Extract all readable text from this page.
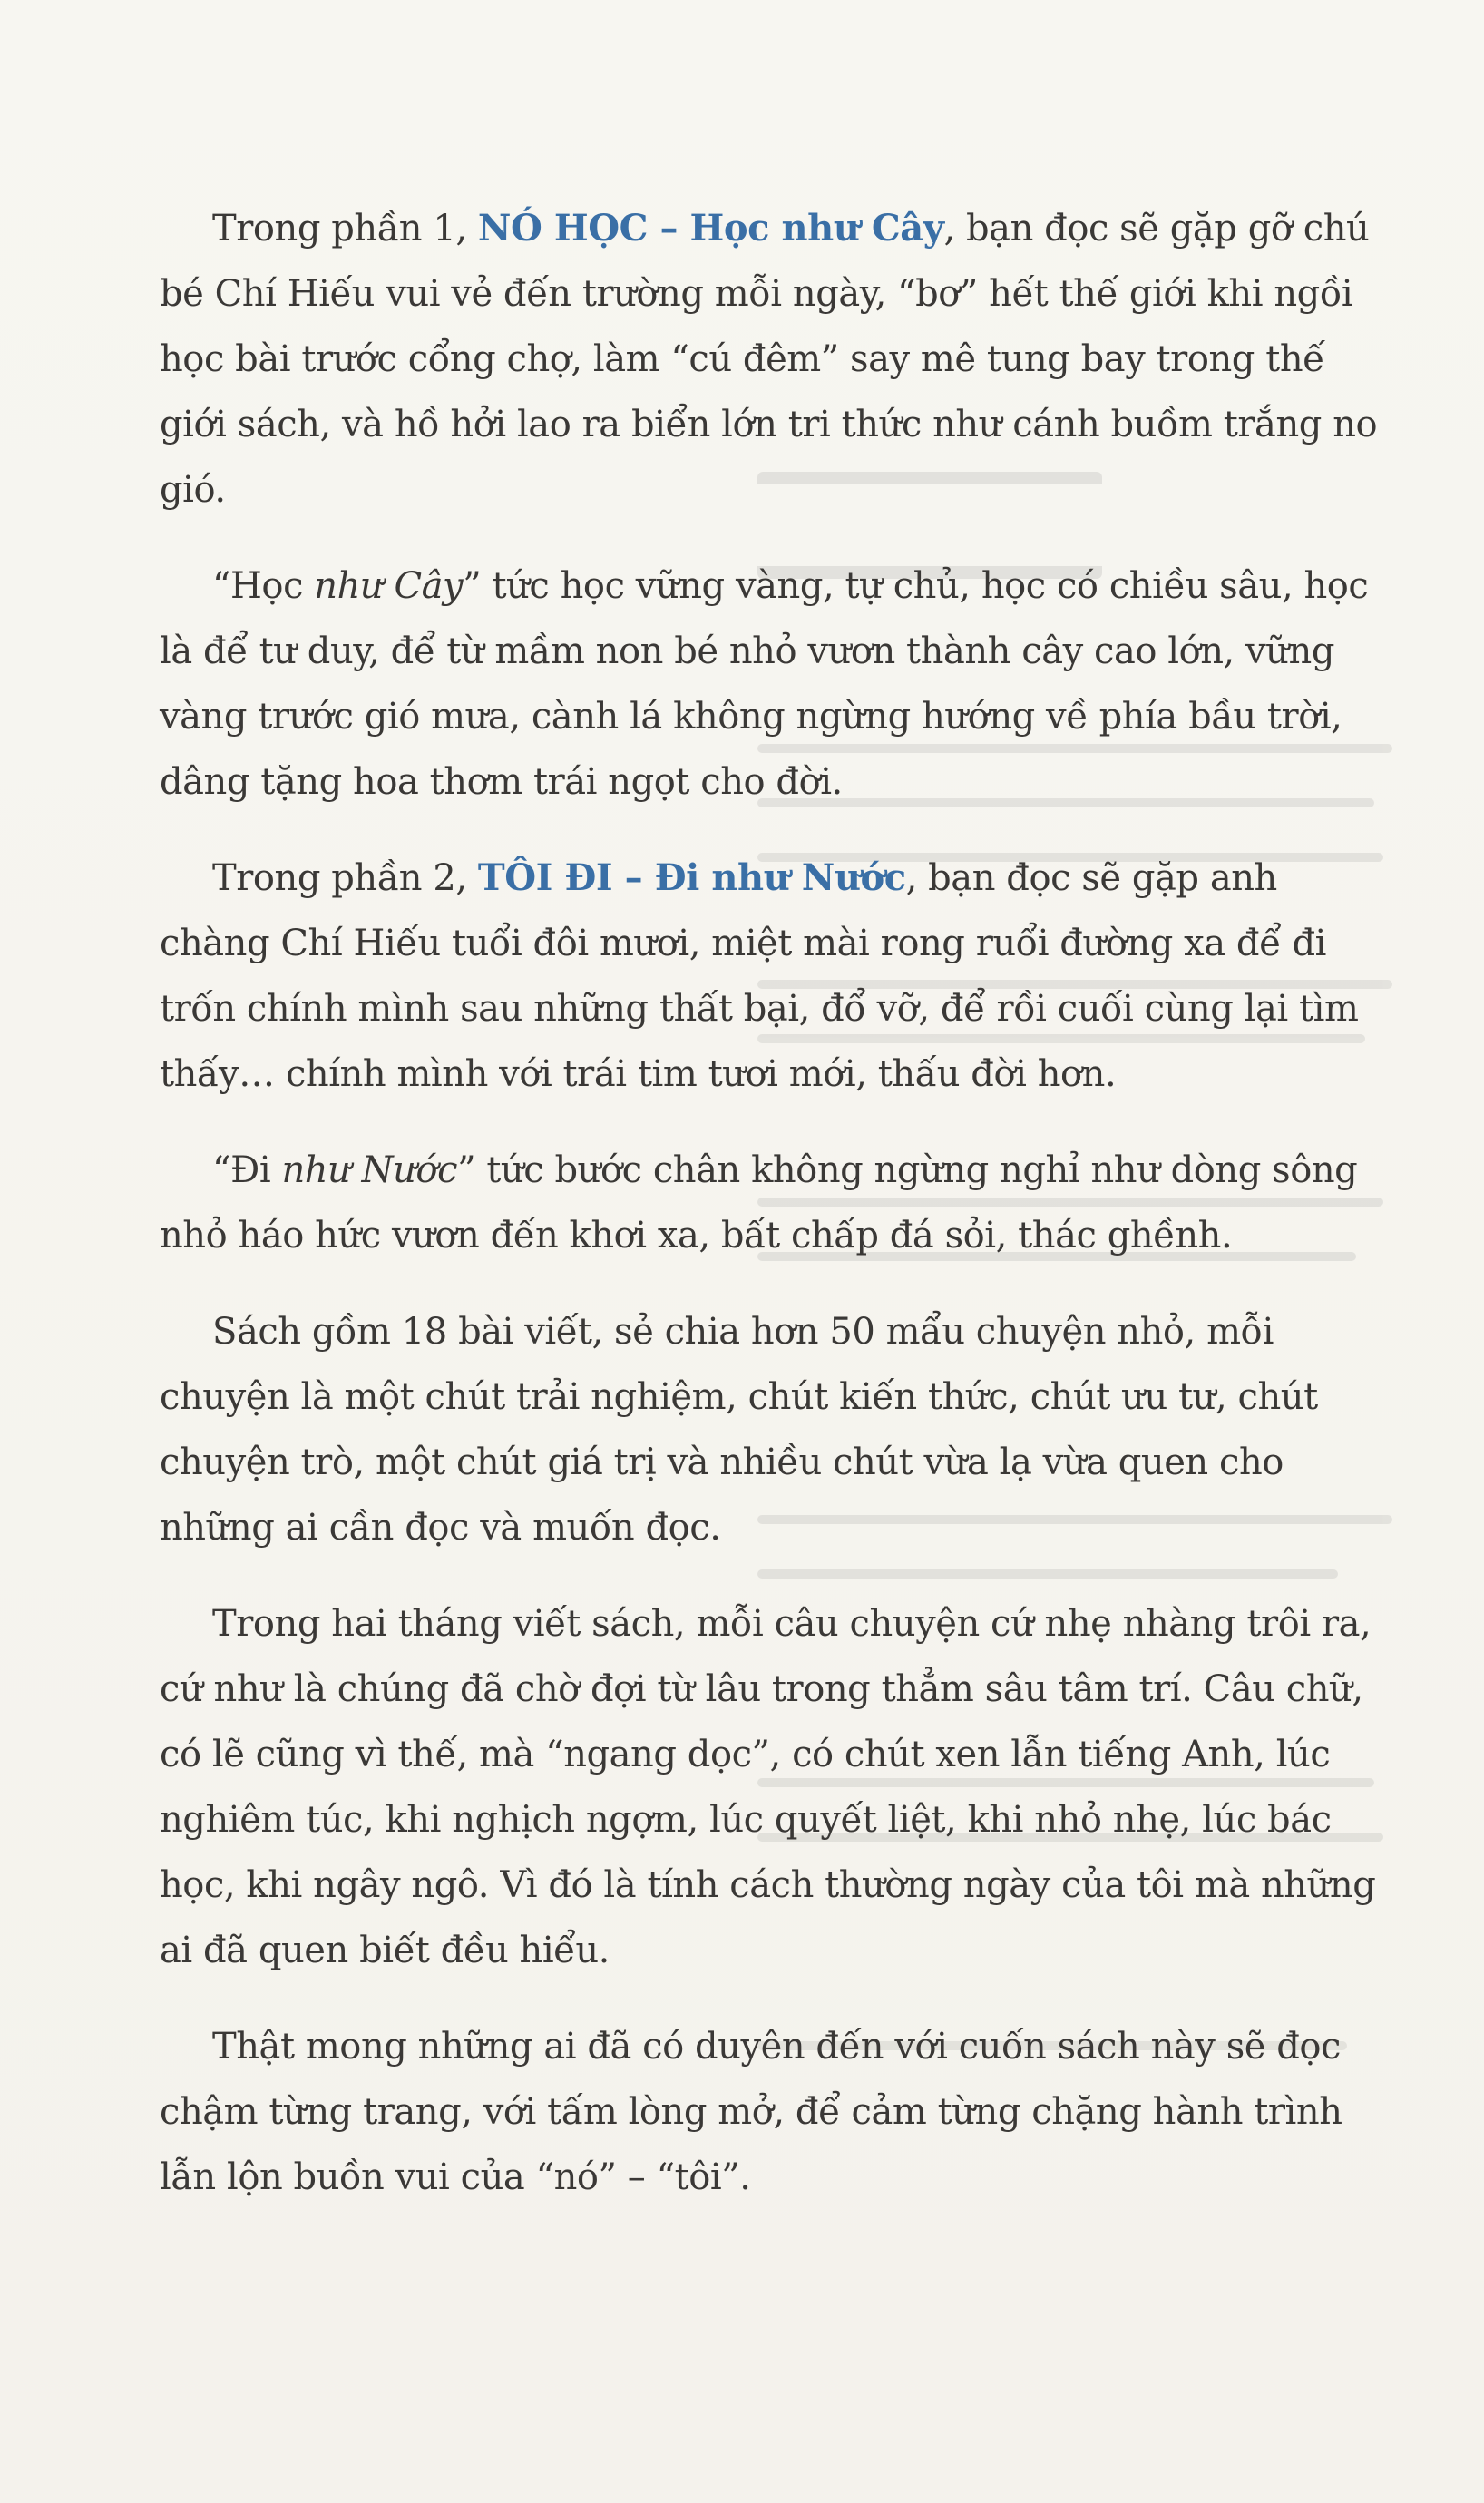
Trong phần 1, NÓ HỌC – Học như Cây, bạn đọc sẽ gặp gỡ chú bé Chí Hiếu vui vẻ đến trường mỗi ngày, “bơ” hết thế giới khi ngồi học bài trước cổng chợ, làm “cú đêm” say mê tung bay trong thế giới sách, và hồ hởi lao ra biển lớn tri thức như cánh buồm trắng no gió.

“Học như Cây” tức học vững vàng, tự chủ, học có chiều sâu, học là để tư duy, để từ mầm non bé nhỏ vươn thành cây cao lớn, vững vàng trước gió mưa, cành lá không ngừng hướng về phía bầu trời, dâng tặng hoa thơm trái ngọt cho đời.

Trong phần 2, TÔI ĐI – Đi như Nước, bạn đọc sẽ gặp anh chàng Chí Hiếu tuổi đôi mươi, miệt mài rong ruổi đường xa để đi trốn chính mình sau những thất bại, đổ vỡ, để rồi cuối cùng lại tìm thấy… chính mình với trái tim tươi mới, thấu đời hơn.

“Đi như Nước” tức bước chân không ngừng nghỉ như dòng sông nhỏ háo hức vươn đến khơi xa, bất chấp đá sỏi, thác ghềnh.

Sách gồm 18 bài viết, sẻ chia hơn 50 mẩu chuyện nhỏ, mỗi chuyện là một chút trải nghiệm, chút kiến thức, chút ưu tư, chút chuyện trò, một chút giá trị và nhiều chút vừa lạ vừa quen cho những ai cần đọc và muốn đọc.

Trong hai tháng viết sách, mỗi câu chuyện cứ nhẹ nhàng trôi ra, cứ như là chúng đã chờ đợi từ lâu trong thẳm sâu tâm trí. Câu chữ, có lẽ cũng vì thế, mà “ngang dọc”, có chút xen lẫn tiếng Anh, lúc nghiêm túc, khi nghịch ngợm, lúc quyết liệt, khi nhỏ nhẹ, lúc bác học, khi ngây ngô. Vì đó là tính cách thường ngày của tôi mà những ai đã quen biết đều hiểu.

Thật mong những ai đã có duyên đến với cuốn sách này sẽ đọc chậm từng trang, với tấm lòng mở, để cảm từng chặng hành trình lẫn lộn buồn vui của “nó” – “tôi”.
